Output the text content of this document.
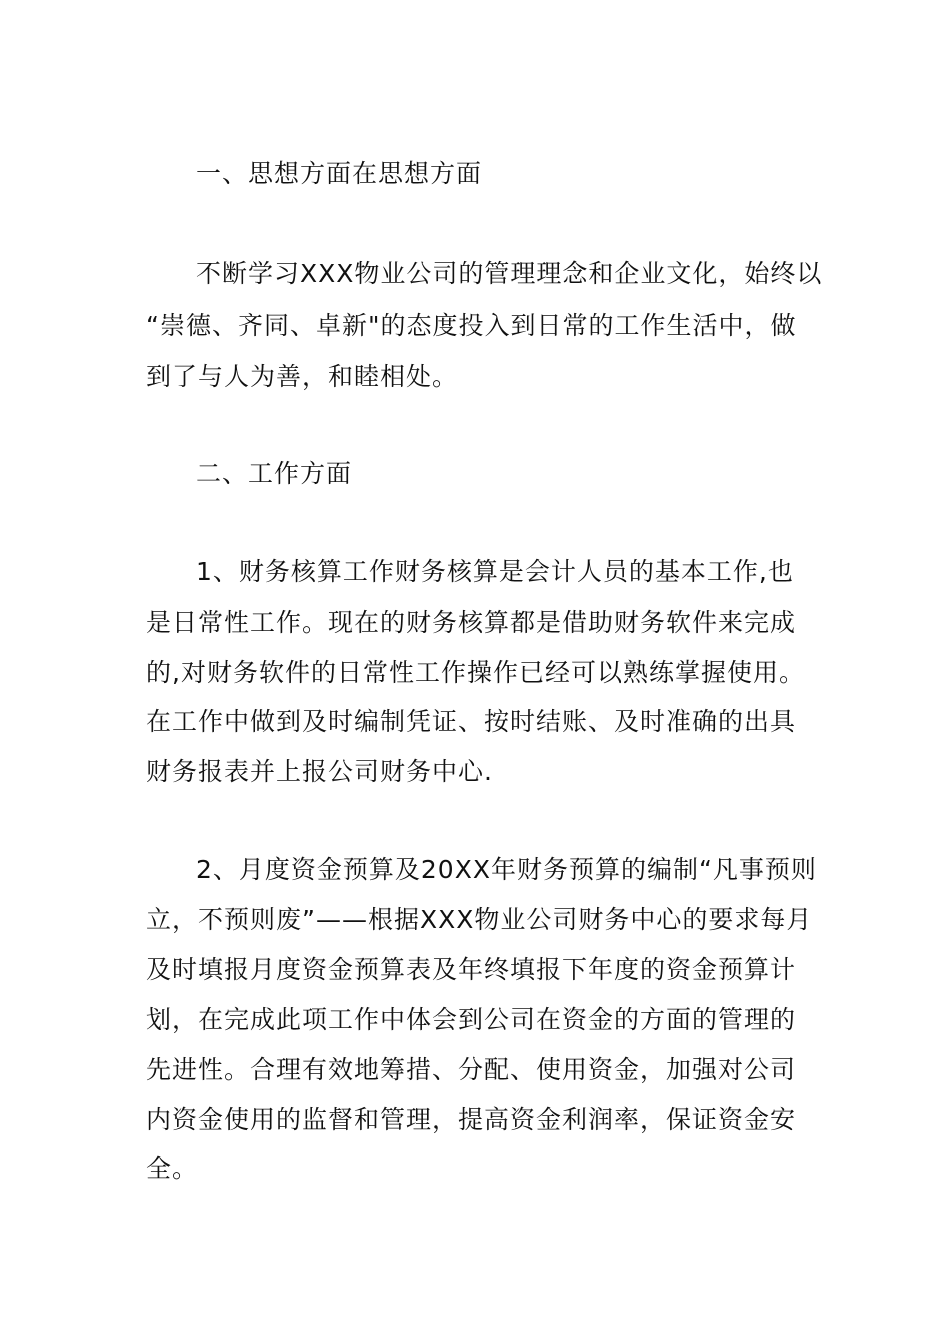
一、思想方面在思想方面
不断学习XXX物业公司的管理理念和企业文化，始终以
“崇德、齐同、卓新"的态度投入到日常的工作生活中，做
到了与人为善，和睦相处。
二、工作方面
1、财务核算工作财务核算是会计人员的基本工作,也
是日常性工作。现在的财务核算都是借助财务软件来完成
的,对财务软件的日常性工作操作已经可以熟练掌握使用。
在工作中做到及时编制凭证、按时结账、及时准确的出具
财务报表并上报公司财务中心.
2、月度资金预算及20XX年财务预算的编制“凡事预则
立，不预则废”——根据XXX物业公司财务中心的要求每月
及时填报月度资金预算表及年终填报下年度的资金预算计
划，在完成此项工作中体会到公司在资金的方面的管理的
先进性。合理有效地筹措、分配、使用资金，加强对公司
内资金使用的监督和管理，提高资金利润率，保证资金安
全。
